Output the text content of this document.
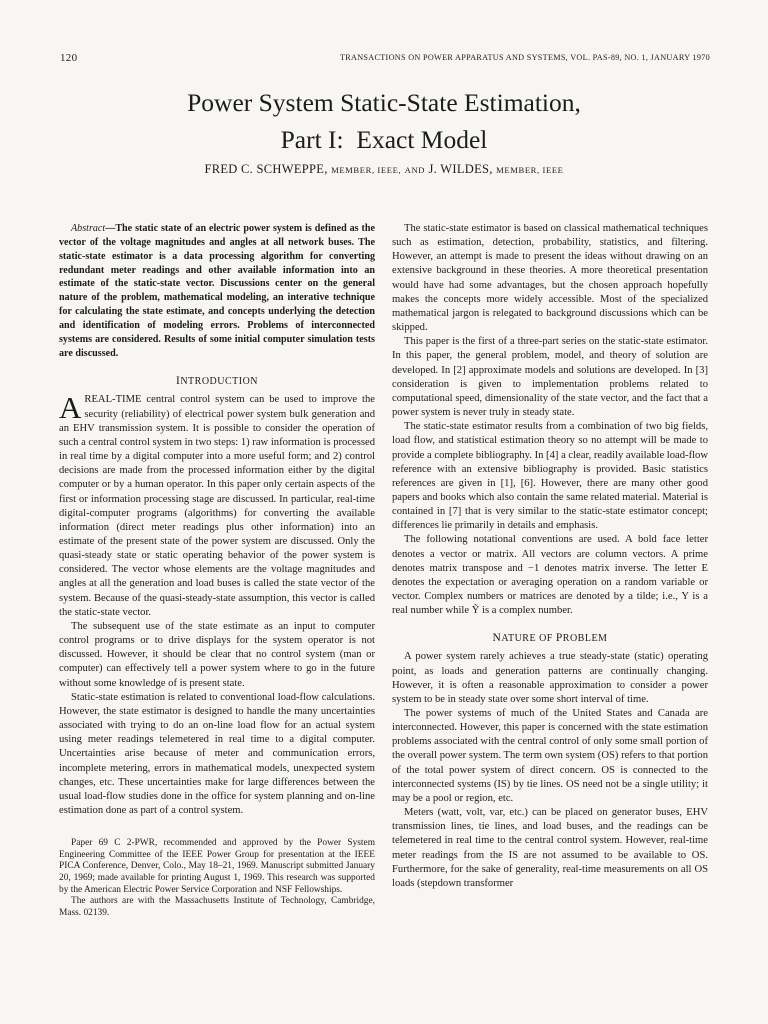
120	TRANSACTIONS ON POWER APPARATUS AND SYSTEMS, VOL. PAS-89, NO. 1, JANUARY 1970
Power System Static-State Estimation,
Part I:  Exact Model
FRED C. SCHWEPPE, MEMBER, IEEE, AND J. WILDES, MEMBER, IEEE

Abstract—The static state of an electric power system is defined as the vector of the voltage magnitudes and angles at all network buses. The static-state estimator is a data processing algorithm for converting redundant meter readings and other available information into an estimate of the static-state vector. Discussions center on the general nature of the problem, mathematical modeling, an interative technique for calculating the state estimate, and concepts underlying the detection and identification of modeling errors. Problems of interconnected systems are considered. Results of some initial computer simulation tests are discussed.

INTRODUCTION

AREAL-TIME central control system can be used to improve the security (reliability) of electrical power system bulk generation and an EHV transmission system. It is possible to consider the operation of such a central control system in two steps: 1) raw information is processed in real time by a digital computer into a more useful form; and 2) control decisions are made from the processed information either by the digital computer or by a human operator. In this paper only certain aspects of the first or information processing stage are discussed. In particular, real-time digital-computer programs (algorithms) for converting the available information (direct meter readings plus other information) into an estimate of the present state of the power system are discussed. Only the quasi-steady state or static operating behavior of the power system is considered. The vector whose elements are the voltage magnitudes and angles at all the generation and load buses is called the state vector of the system. Because of the quasi-steady-state assumption, this vector is called the static-state vector.

The subsequent use of the state estimate as an input to computer control programs or to drive displays for the system operator is not discussed. However, it should be clear that no control system (man or computer) can effectively tell a power system where to go in the future without some knowledge of is present state.

Static-state estimation is related to conventional load-flow calculations. However, the state estimator is designed to handle the many uncertainties associated with trying to do an on-line load flow for an actual system using meter readings telemetered in real time to a digital computer. Uncertainties arise because of meter and communication errors, incomplete metering, errors in mathematical models, unexpected system changes, etc. These uncertainties make for large differences between the usual load-flow studies done in the office for system planning and on-line estimation done as part of a control system.

Paper 69 C 2-PWR, recommended and approved by the Power System Engineering Committee of the IEEE Power Group for presentation at the IEEE PICA Conference, Denver, Colo., May 18–21, 1969. Manuscript submitted January 20, 1969; made available for printing August 1, 1969. This research was supported by the American Electric Power Service Corporation and NSF Fellowships.

The authors are with the Massachusetts Institute of Technology, Cambridge, Mass. 02139.

The static-state estimator is based on classical mathematical techniques such as estimation, detection, probability, statistics, and filtering. However, an attempt is made to present the ideas without drawing on an extensive background in these theories. A more theoretical presentation would have had some advantages, but the chosen approach hopefully makes the concepts more widely accessible. Most of the specialized mathematical jargon is relegated to background discussions which can be skipped.

This paper is the first of a three-part series on the static-state estimator. In this paper, the general problem, model, and theory of solution are developed. In [2] approximate models and solutions are developed. In [3] consideration is given to implementation problems related to computational speed, dimensionality of the state vector, and the fact that a power system is never truly in steady state.

The static-state estimator results from a combination of two big fields, load flow, and statistical estimation theory so no attempt will be made to provide a complete bibliography. In [4] a clear, readily available load-flow reference with an extensive bibliography is provided. Basic statistics references are given in [1], [6]. However, there are many other good papers and books which also contain the same related material. Material is contained in [7] that is very similar to the static-state estimator concept; differences lie primarily in details and emphasis.

The following notational conventions are used. A bold face letter denotes a vector or matrix. All vectors are column vectors. A prime denotes matrix transpose and −1 denotes matrix inverse. The letter E denotes the expectation or averaging operation on a random variable or vector. Complex numbers or matrices are denoted by a tilde; i.e., Y is a real number while Ỹ is a complex number.

NATURE OF PROBLEM

A power system rarely achieves a true steady-state (static) operating point, as loads and generation patterns are continually changing. However, it is often a reasonable approximation to consider a power system to be in steady state over some short interval of time.

The power systems of much of the United States and Canada are interconnected. However, this paper is concerned with the state estimation problems associated with the central control of only some small portion of the overall power system. The term own system (OS) refers to that portion of the total power system of direct concern. OS is connected to the interconnected systems (IS) by tie lines. OS need not be a single utility; it may be a pool or region, etc.

Meters (watt, volt, var, etc.) can be placed on generator buses, EHV transmission lines, tie lines, and load buses, and the readings can be telemetered in real time to the central control system. However, real-time meter readings from the IS are not assumed to be available to OS. Furthermore, for the sake of generality, real-time measurements on all OS loads (stepdown transformer
